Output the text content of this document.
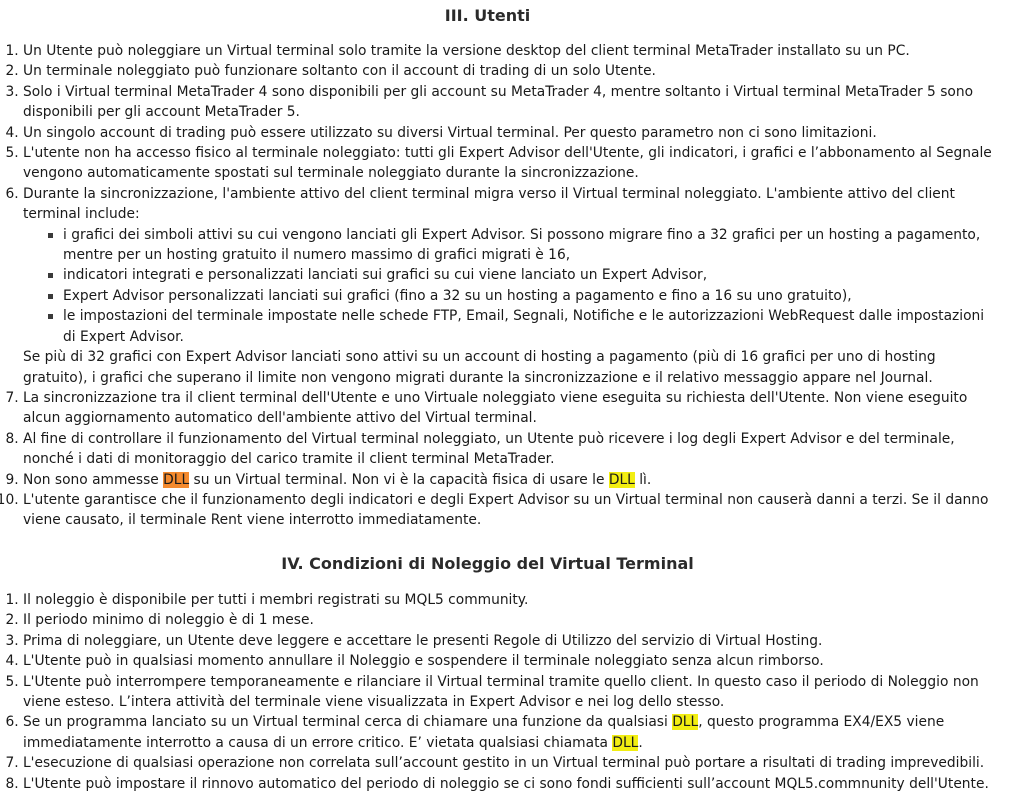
III. Utenti
1. Un Utente può noleggiare un Virtual terminal solo tramite la versione desktop del client terminal MetaTrader installato su un PC.
2. Un terminale noleggiato può funzionare soltanto con il account di trading di un solo Utente.
3. Solo i Virtual terminal MetaTrader 4 sono disponibili per gli account su MetaTrader 4, mentre soltanto i Virtual terminal MetaTrader 5 sono disponibili per gli account MetaTrader 5.
4. Un singolo account di trading può essere utilizzato su diversi Virtual terminal. Per questo parametro non ci sono limitazioni.
5. L'utente non ha accesso fisico al terminale noleggiato: tutti gli Expert Advisor dell'Utente, gli indicatori, i grafici e l’abbonamento al Segnale vengono automaticamente spostati sul terminale noleggiato durante la sincronizzazione.
6. Durante la sincronizzazione, l'ambiente attivo del client terminal migra verso il Virtual terminal noleggiato. L'ambiente attivo del client terminal include:
i grafici dei simboli attivi su cui vengono lanciati gli Expert Advisor. Si possono migrare fino a 32 grafici per un hosting a pagamento, mentre per un hosting gratuito il numero massimo di grafici migrati è 16,
indicatori integrati e personalizzati lanciati sui grafici su cui viene lanciato un Expert Advisor,
Expert Advisor personalizzati lanciati sui grafici (fino a 32 su un hosting a pagamento e fino a 16 su uno gratuito),
le impostazioni del terminale impostate nelle schede FTP, Email, Segnali, Notifiche e le autorizzazioni WebRequest dalle impostazioni di Expert Advisor.
Se più di 32 grafici con Expert Advisor lanciati sono attivi su un account di hosting a pagamento (più di 16 grafici per uno di hosting gratuito), i grafici che superano il limite non vengono migrati durante la sincronizzazione e il relativo messaggio appare nel Journal.
7. La sincronizzazione tra il client terminal dell'Utente e uno Virtuale noleggiato viene eseguita su richiesta dell'Utente. Non viene eseguito alcun aggiornamento automatico dell'ambiente attivo del Virtual terminal.
8. Al fine di controllare il funzionamento del Virtual terminal noleggiato, un Utente può ricevere i log degli Expert Advisor e del terminale, nonché i dati di monitoraggio del carico tramite il client terminal MetaTrader.
9. Non sono ammesse DLL su un Virtual terminal. Non vi è la capacità fisica di usare le DLL lì.
10. L'utente garantisce che il funzionamento degli indicatori e degli Expert Advisor su un Virtual terminal non causerà danni a terzi. Se il danno viene causato, il terminale Rent viene interrotto immediatamente.
IV. Condizioni di Noleggio del Virtual Terminal
1. Il noleggio è disponibile per tutti i membri registrati su MQL5 community.
2. Il periodo minimo di noleggio è di 1 mese.
3. Prima di noleggiare, un Utente deve leggere e accettare le presenti Regole di Utilizzo del servizio di Virtual Hosting.
4. L'Utente può in qualsiasi momento annullare il Noleggio e sospendere il terminale noleggiato senza alcun rimborso.
5. L'Utente può interrompere temporaneamente e rilanciare il Virtual terminal tramite quello client. In questo caso il periodo di Noleggio non viene esteso. L’intera attività del terminale viene visualizzata in Expert Advisor e nei log dello stesso.
6. Se un programma lanciato su un Virtual terminal cerca di chiamare una funzione da qualsiasi DLL, questo programma EX4/EX5 viene immediatamente interrotto a causa di un errore critico. E’ vietata qualsiasi chiamata DLL.
7. L'esecuzione di qualsiasi operazione non correlata sull’account gestito in un Virtual terminal può portare a risultati di trading imprevedibili.
8. L'Utente può impostare il rinnovo automatico del periodo di noleggio se ci sono fondi sufficienti sull’account MQL5.commnunity dell'Utente.
